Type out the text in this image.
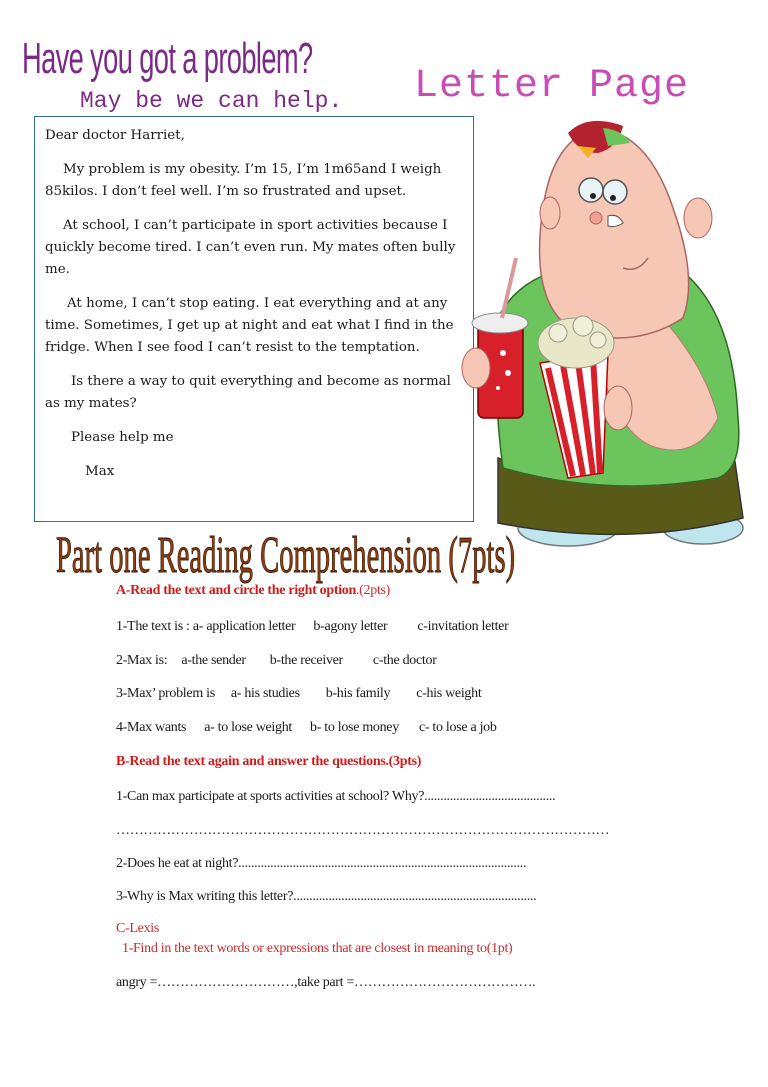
Have you got a problem?
May be we can help. Letter Page

Dear doctor Harriet,

My problem is my obesity. I’m 15, I’m 1m65and I weigh 85kilos. I don’t feel well. I’m so frustrated and upset.

At school, I can’t participate in sport activities because I quickly become tired. I can’t even run. My mates often bully me.

At home, I can’t stop eating. I eat everything and at any time. Sometimes, I get up at night and eat what I find in the fridge. When I see food I can’t resist to the temptation.

Is there a way to quit everything and become as normal as my mates?

Please help me

Max

Part one Reading Comprehension (7pts)
A-Read the text and circle the right option.(2pts)
1-The text is : a- application letter b-agony letter c-invitation letter
2-Max is: a-the sender b-the receiver c-the doctor
3-Max’ problem is a- his studies b-his family c-his weight
4-Max wants a- to lose weight b- to lose money c- to lose a job
B-Read the text again and answer the questions.(3pts)
1-Can max participate at sports activities at school? Why?.........................................
………………………………………………………………………………………………
2-Does he eat at night?..........................................................................................
3-Why is Max writing this letter?............................................................................
C-Lexis
1-Find in the text words or expressions that are closest in meaning to(1pt)
angry =…………………………,take part =………………………………….
